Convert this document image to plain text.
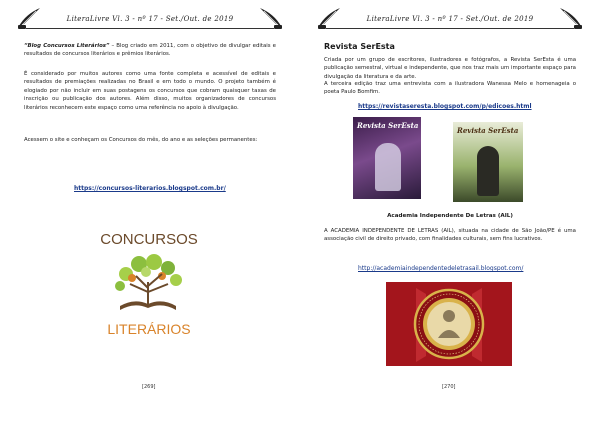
LiteraLivre Vl. 3 - nº 17 - Set./Out. de 2019
“Blog Concursos Literários” – Blog criado em 2011, com o objetivo de divulgar editais e resultados de concursos literários e prêmios literários.
É considerado por muitos autores como uma fonte completa e acessível de editais e resultados de premiações realizadas no Brasil e em todo o mundo. O projeto também é elogiado por não incluir em suas postagens os concursos que cobram quaisquer taxas de inscrição ou publicação dos autores. Além disso, muitos organizadores de concursos literários reconhecem este espaço como uma referência no apoio à divulgação.
Acessem o site e conheçam os Concursos do mês, do ano e as seleções permanentes:
https://concursos-literarios.blogspot.com.br/
CONCURSOS
LITERÁRIOS
[269]
LiteraLivre Vl. 3 - nº 17 - Set./Out. de 2019
Revista SerEsta
Criada por um grupo de escritores, ilustradores e fotógrafos, a Revista SerEsta é uma publicação semestral, virtual e independente, que nos traz mais um importante espaço para divulgação da literatura e da arte.
A terceira edição traz uma entrevista com a ilustradora Wanessa Melo e homenageia o poeta Paulo Bomfim.
https://revistaseresta.blogspot.com/p/edicoes.html
Revista SerEsta
Revista SerEsta
Academia Independente De Letras (AIL)
A ACADEMIA INDEPENDENTE DE LETRAS (AIL), situada na cidade de São João/PE é uma associação civil de direito privado, com finalidades culturais, sem fins lucrativos.
http://academiaindependentedeletrasail.blogspot.com/
[270]
